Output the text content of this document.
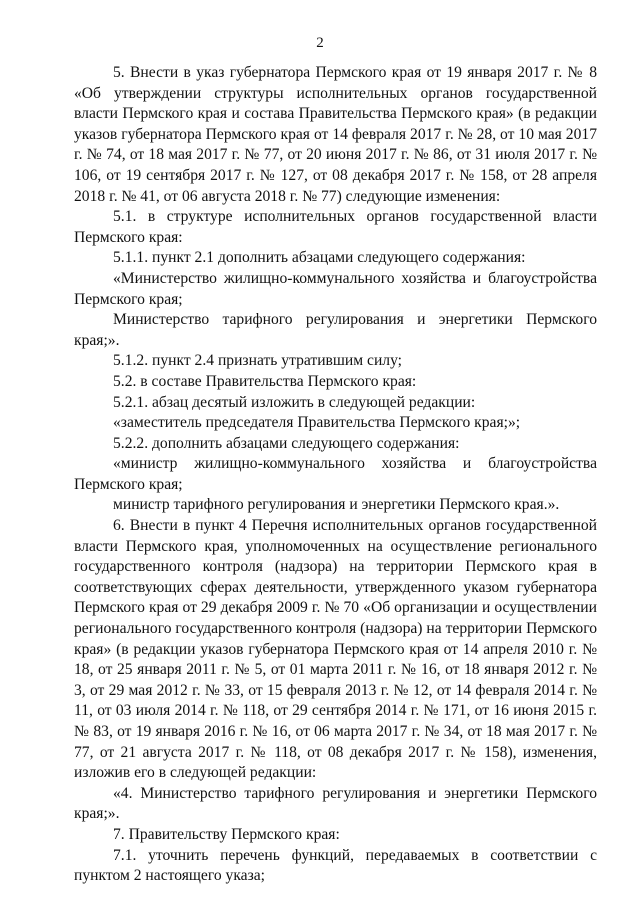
2

5. Внести в указ губернатора Пермского края от 19 января 2017 г. № 8 «Об утверждении структуры исполнительных органов государственной власти Пермского края и состава Правительства Пермского края» (в редакции указов губернатора Пермского края от 14 февраля 2017 г. № 28, от 10 мая 2017 г. № 74, от 18 мая 2017 г. № 77, от 20 июня 2017 г. № 86, от 31 июля 2017 г. № 106, от 19 сентября 2017 г. № 127, от 08 декабря 2017 г. № 158, от 28 апреля 2018 г. № 41, от 06 августа 2018 г. № 77) следующие изменения:

5.1. в структуре исполнительных органов государственной власти Пермского края:

5.1.1. пункт 2.1 дополнить абзацами следующего содержания:

«Министерство жилищно-коммунального хозяйства и благоустройства Пермского края;

Министерство тарифного регулирования и энергетики Пермского края;».

5.1.2. пункт 2.4 признать утратившим силу;

5.2. в составе Правительства Пермского края:

5.2.1. абзац десятый изложить в следующей редакции:

«заместитель председателя Правительства Пермского края;»;

5.2.2. дополнить абзацами следующего содержания:

«министр жилищно-коммунального хозяйства и благоустройства Пермского края;

министр тарифного регулирования и энергетики Пермского края.».

6. Внести в пункт 4 Перечня исполнительных органов государственной власти Пермского края, уполномоченных на осуществление регионального государственного контроля (надзора) на территории Пермского края в соответствующих сферах деятельности, утвержденного указом губернатора Пермского края от 29 декабря 2009 г. № 70 «Об организации и осуществлении регионального государственного контроля (надзора) на территории Пермского края» (в редакции указов губернатора Пермского края от 14 апреля 2010 г. № 18, от 25 января 2011 г. № 5, от 01 марта 2011 г. № 16, от 18 января 2012 г. № 3, от 29 мая 2012 г. № 33, от 15 февраля 2013 г. № 12, от 14 февраля 2014 г. № 11, от 03 июля 2014 г. № 118, от 29 сентября 2014 г. № 171, от 16 июня 2015 г. № 83, от 19 января 2016 г. № 16, от 06 марта 2017 г. № 34, от 18 мая 2017 г. № 77, от 21 августа 2017 г. № 118, от 08 декабря 2017 г. № 158), изменения, изложив его в следующей редакции:

«4. Министерство тарифного регулирования и энергетики Пермского края;».

7. Правительству Пермского края:

7.1. уточнить перечень функций, передаваемых в соответствии с пунктом 2 настоящего указа;
